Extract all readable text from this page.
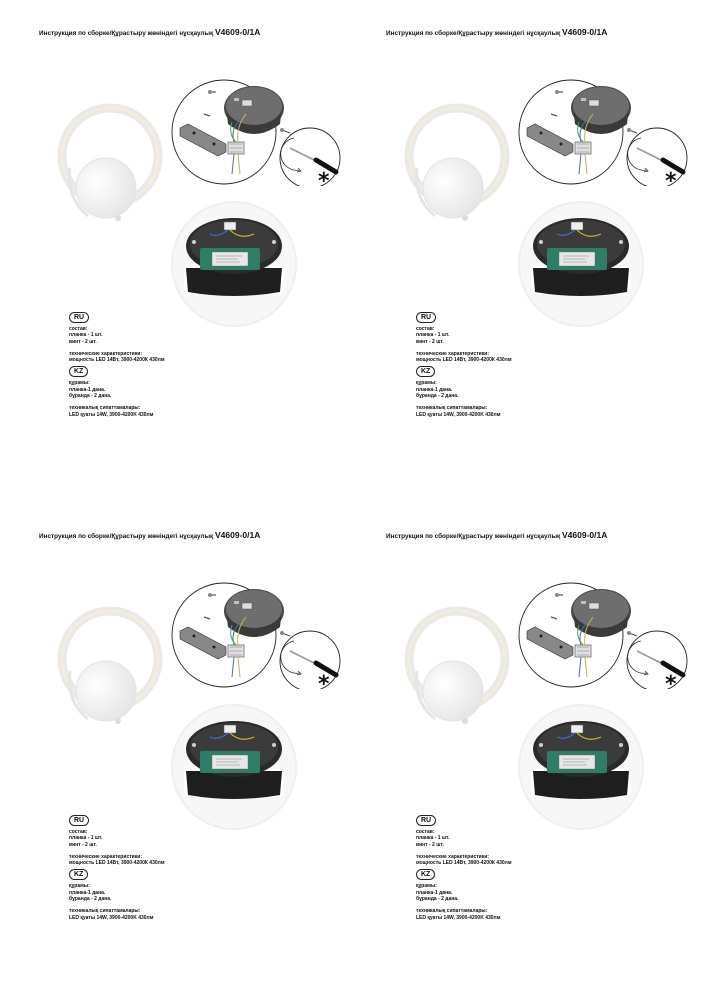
Инструкция по сборке/Құрастыру жөніндегі нұсқаулық V4609-0/1A
*
RU
состав:
планка - 1 шт.
винт - 2 шт.
технические характеристики:
мощность LED 14Вт, 3900-4200К 430лм
KZ
құрамы:
планка-1 дана.
бұранда - 2 дана.
техникалық сипаттамалары:
LED қуаты 14W, 3900-4200K 430лм
Инструкция по сборке/Құрастыру жөніндегі нұсқаулық V4609-0/1A
*
RU
состав:
планка - 1 шт.
винт - 2 шт.
технические характеристики:
мощность LED 14Вт, 3900-4200К 430лм
KZ
құрамы:
планка-1 дана.
бұранда - 2 дана.
техникалық сипаттамалары:
LED қуаты 14W, 3900-4200K 430лм
Инструкция по сборке/Құрастыру жөніндегі нұсқаулық V4609-0/1A
*
RU
состав:
планка - 1 шт.
винт - 2 шт.
технические характеристики:
мощность LED 14Вт, 3900-4200К 430лм
KZ
құрамы:
планка-1 дана.
бұранда - 2 дана.
техникалық сипаттамалары:
LED қуаты 14W, 3900-4200K 430лм
Инструкция по сборке/Құрастыру жөніндегі нұсқаулық V4609-0/1A
*
RU
состав:
планка - 1 шт.
винт - 2 шт.
технические характеристики:
мощность LED 14Вт, 3900-4200К 430лм
KZ
құрамы:
планка-1 дана.
бұранда - 2 дана.
техникалық сипаттамалары:
LED қуаты 14W, 3900-4200K 430лм
